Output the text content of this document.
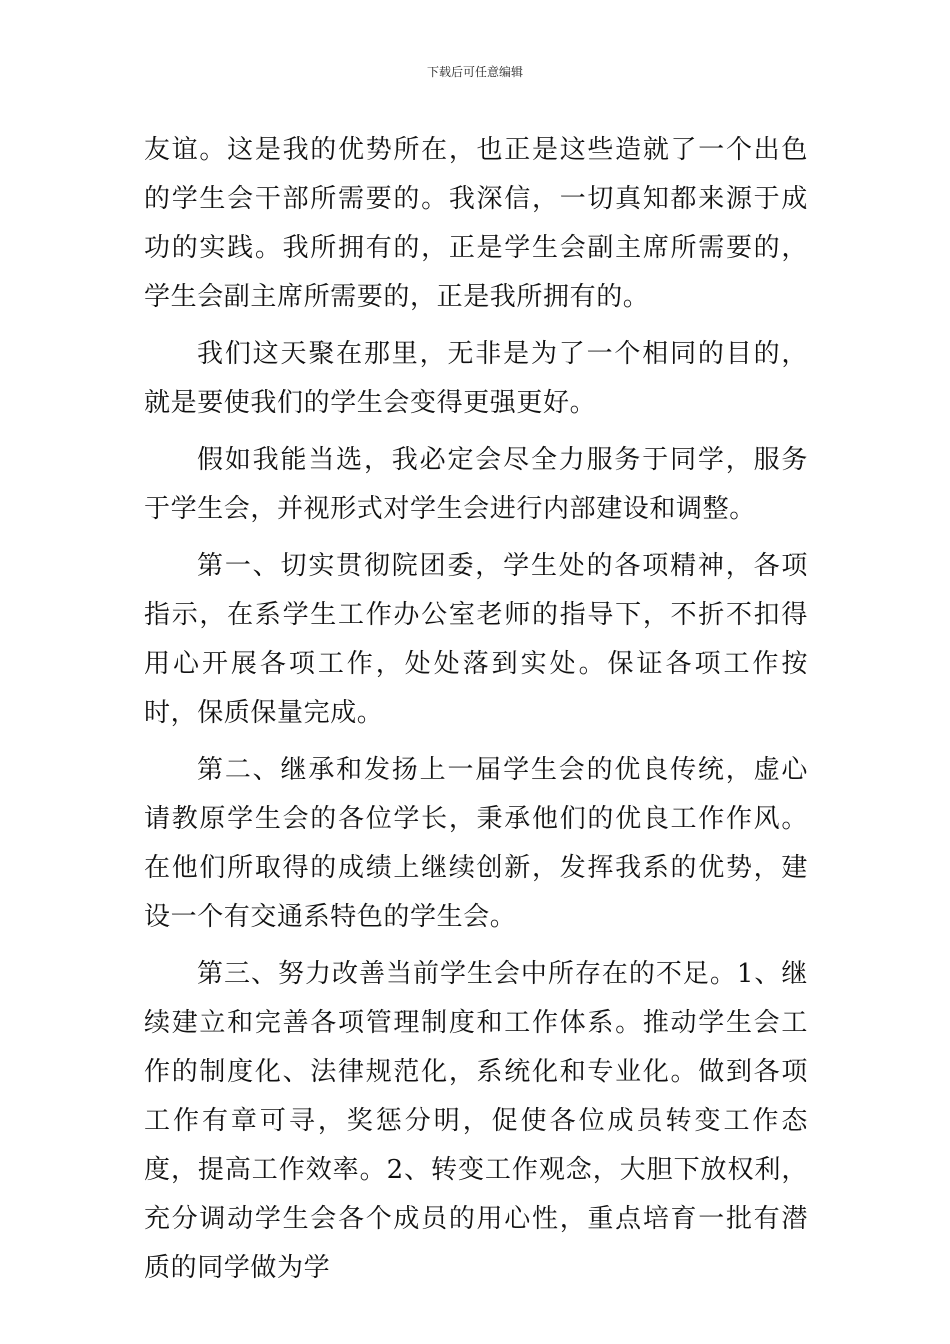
下载后可任意编辑

友谊。这是我的优势所在，也正是这些造就了一个出色的学生会干部所需要的。我深信，一切真知都来源于成功的实践。我所拥有的，正是学生会副主席所需要的，学生会副主席所需要的，正是我所拥有的。

我们这天聚在那里，无非是为了一个相同的目的，就是要使我们的学生会变得更强更好。

假如我能当选，我必定会尽全力服务于同学，服务于学生会，并视形式对学生会进行内部建设和调整。

第一、切实贯彻院团委，学生处的各项精神，各项指示，在系学生工作办公室老师的指导下，不折不扣得用心开展各项工作，处处落到实处。保证各项工作按时，保质保量完成。

第二、继承和发扬上一届学生会的优良传统，虚心请教原学生会的各位学长，秉承他们的优良工作作风。在他们所取得的成绩上继续创新，发挥我系的优势，建设一个有交通系特色的学生会。

第三、努力改善当前学生会中所存在的不足。1、继续建立和完善各项管理制度和工作体系。推动学生会工作的制度化、法律规范化，系统化和专业化。做到各项工作有章可寻，奖惩分明，促使各位成员转变工作态度，提高工作效率。2、转变工作观念，大胆下放权利，充分调动学生会各个成员的用心性，重点培育一批有潜质的同学做为学
